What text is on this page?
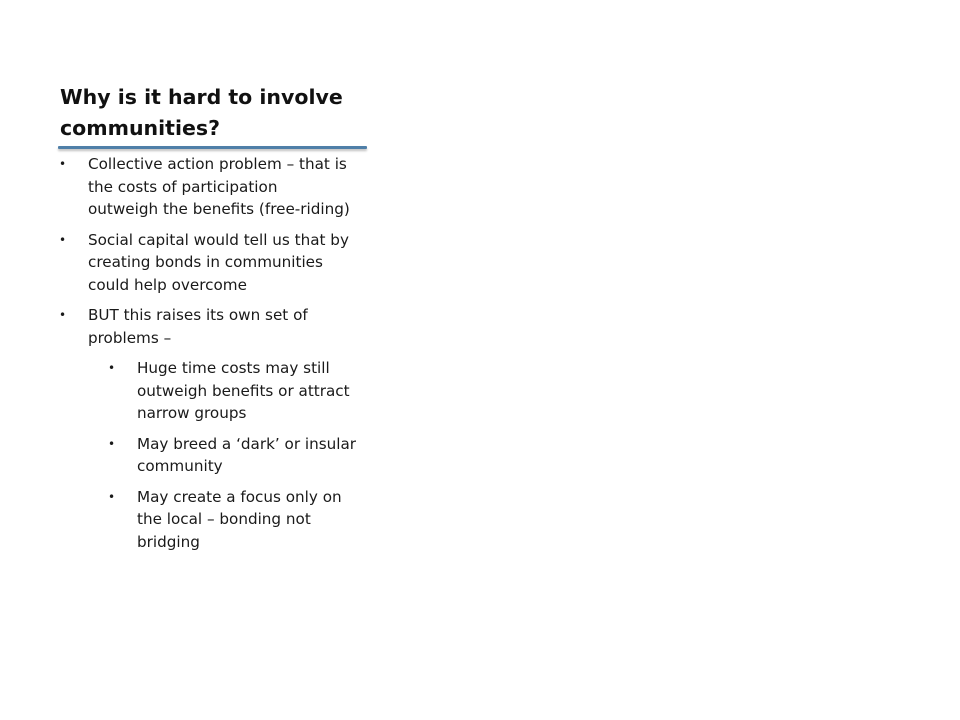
Why is it hard to involve communities?
• Collective action problem – that is the costs of participation outweigh the benefits (free-riding)
• Social capital would tell us that by creating bonds in communities could help overcome
• BUT this raises its own set of problems –
• Huge time costs may still outweigh benefits or attract narrow groups
• May breed a ‘dark’ or insular community
• May create a focus only on the local – bonding not bridging
